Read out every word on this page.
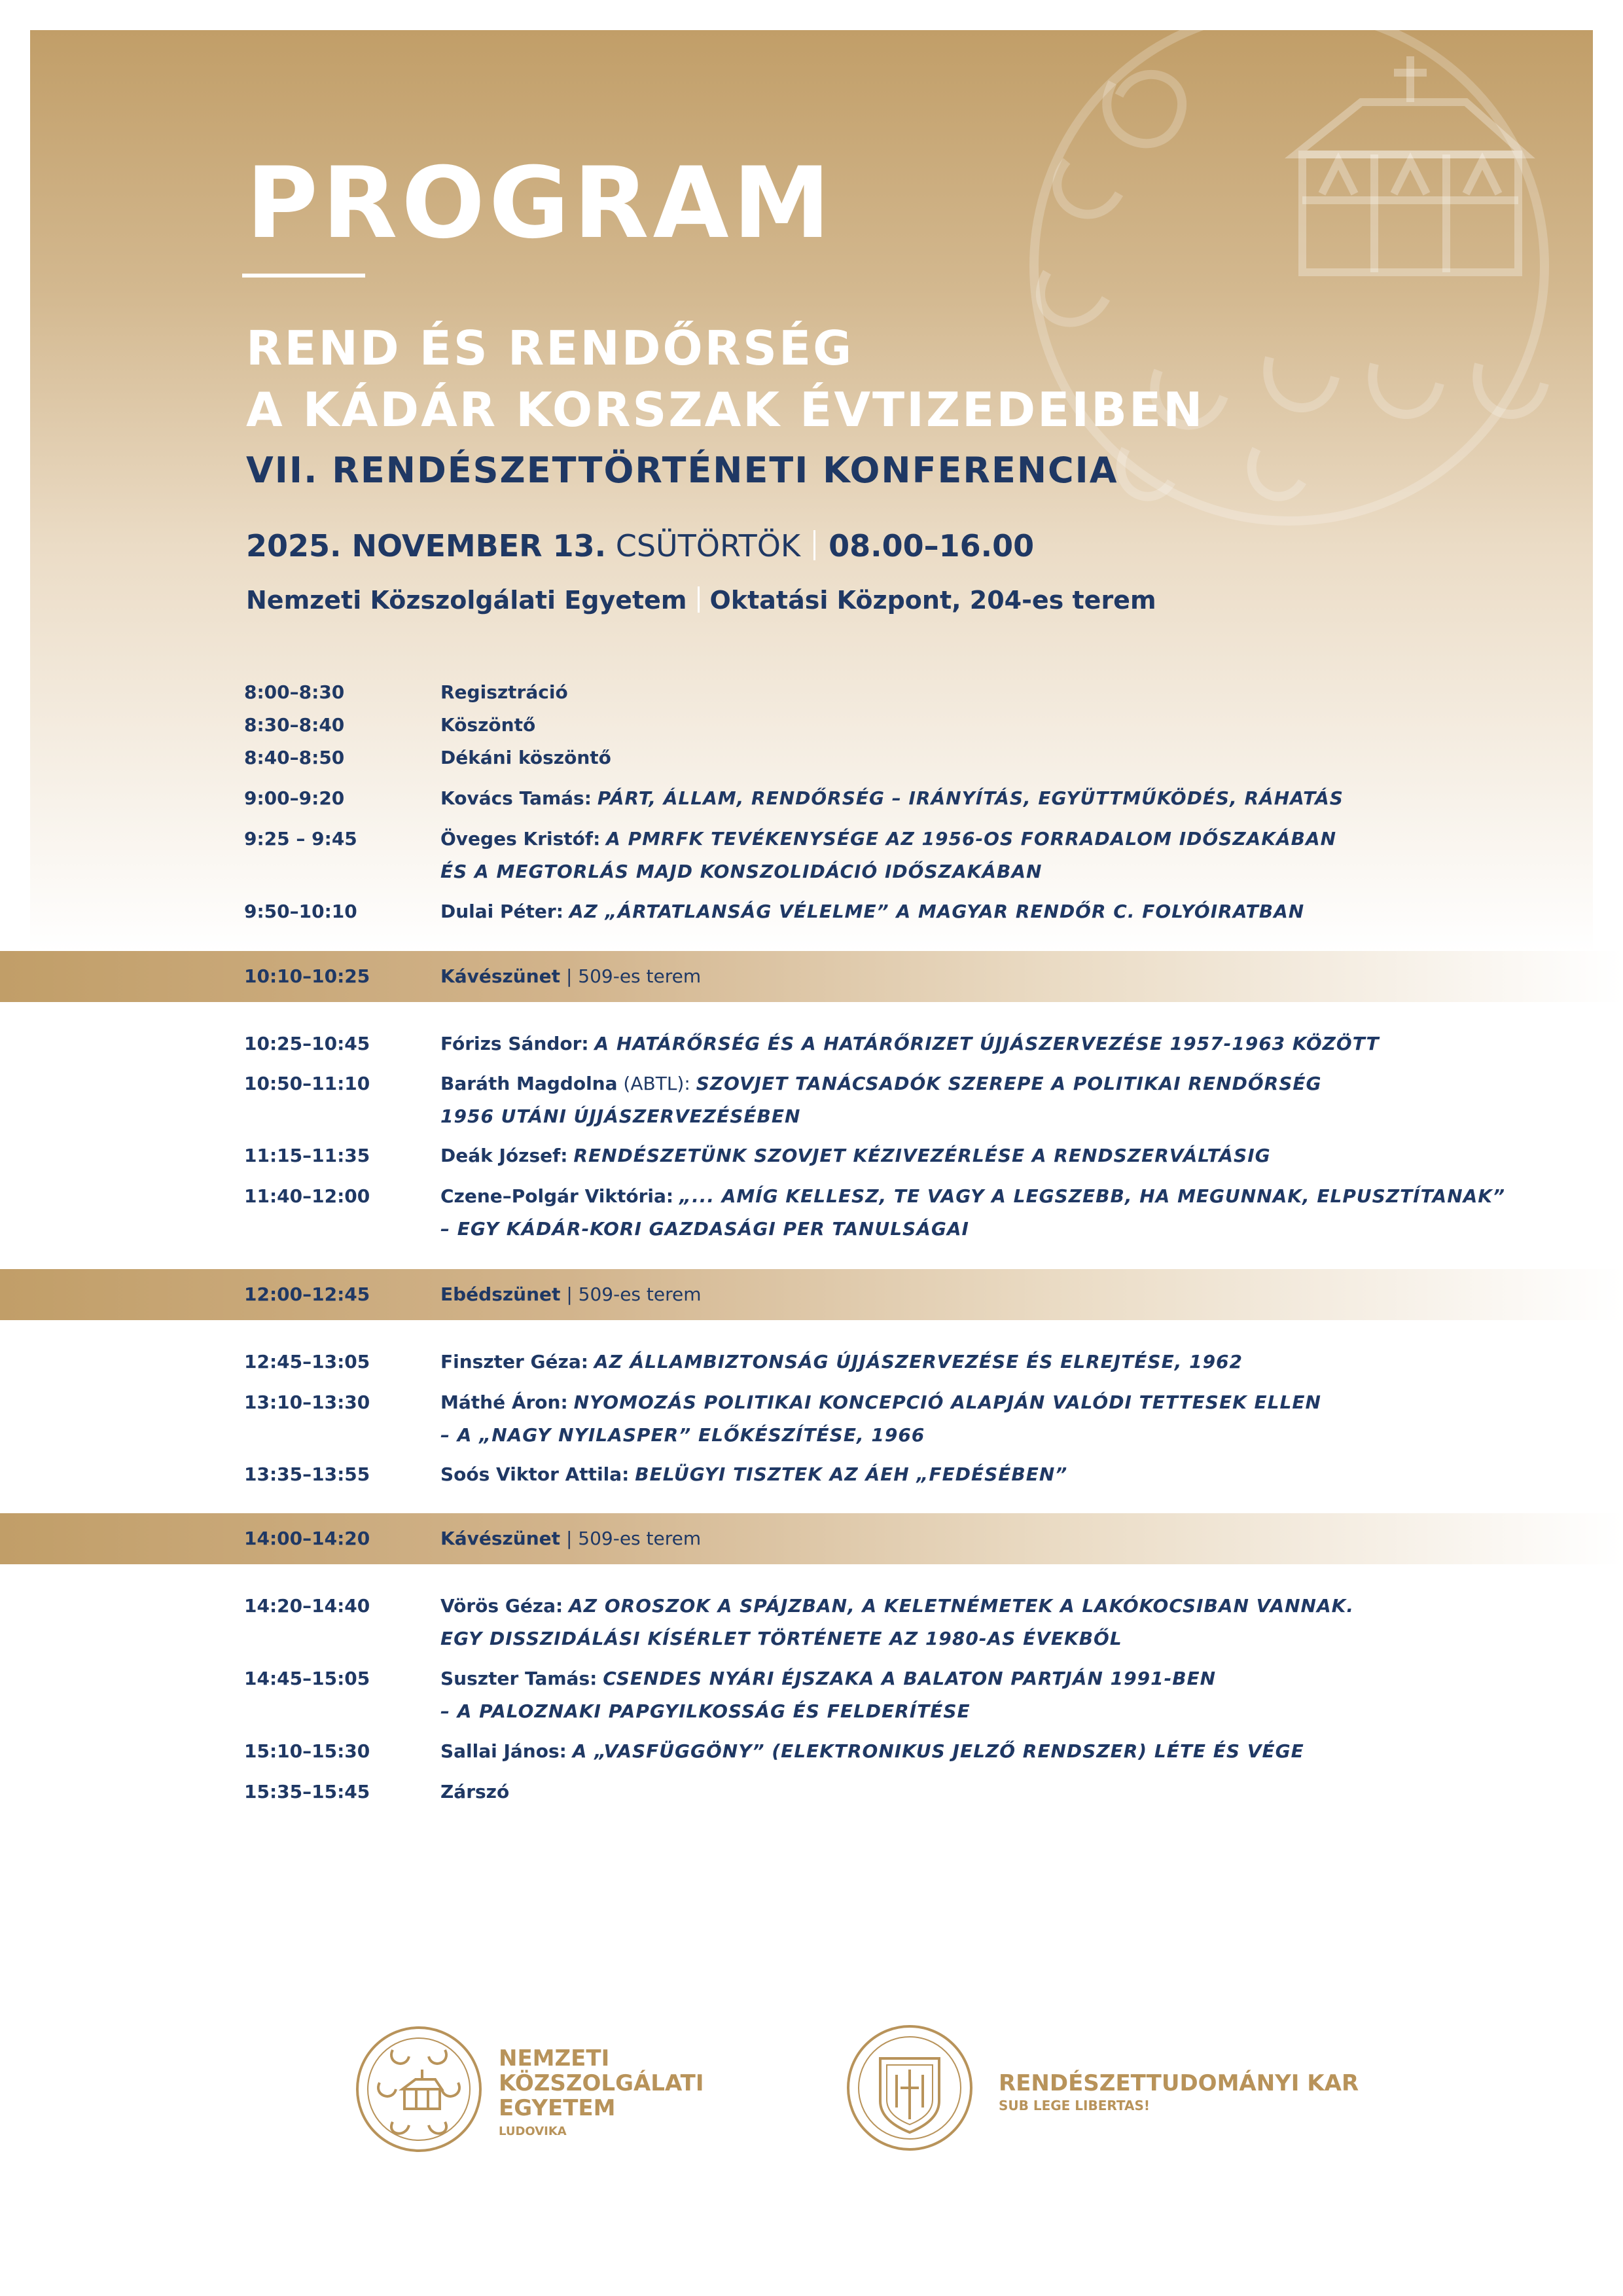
PROGRAM
REND ÉS RENDŐRSÉG
A KÁDÁR KORSZAK ÉVTIZEDEIBEN
VII. RENDÉSZETTÖRTÉNETI KONFERENCIA
2025. NOVEMBER 13. CSÜTÖRTÖK 08.00–16.00
Nemzeti Közszolgálati Egyetem Oktatási Központ, 204-es terem
8:00–8:30	Regisztráció
8:30–8:40	Köszöntő
8:40–8:50	Dékáni köszöntő
9:00–9:20	Kovács Tamás: PÁRT, ÁLLAM, RENDŐRSÉG – IRÁNYÍTÁS, EGYÜTTMŰKÖDÉS, RÁHATÁS
9:25 – 9:45	Öveges Kristóf: A PMRFK TEVÉKENYSÉGE AZ 1956-OS FORRADALOM IDŐSZAKÁBAN
ÉS A MEGTORLÁS MAJD KONSZOLIDÁCIÓ IDŐSZAKÁBAN
9:50–10:10	Dulai Péter: AZ „ÁRTATLANSÁG VÉLELME” A MAGYAR RENDŐR C. FOLYÓIRATBAN
10:10–10:25	Kávészünet | 509-es terem
10:25–10:45	Fórizs Sándor: A HATÁRŐRSÉG ÉS A HATÁRŐRIZET ÚJJÁSZERVEZÉSE 1957-1963 KÖZÖTT
10:50–11:10	Baráth Magdolna (ABTL): SZOVJET TANÁCSADÓK SZEREPE A POLITIKAI RENDŐRSÉG
1956 UTÁNI ÚJJÁSZERVEZÉSÉBEN
11:15–11:35	Deák József: RENDÉSZETÜNK SZOVJET KÉZIVEZÉRLÉSE A RENDSZERVÁLTÁSIG
11:40–12:00	Czene–Polgár Viktória: „... AMÍG KELLESZ, TE VAGY A LEGSZEBB, HA MEGUNNAK, ELPUSZTÍTANAK”
– EGY KÁDÁR-KORI GAZDASÁGI PER TANULSÁGAI
12:00–12:45	Ebédszünet | 509-es terem
12:45–13:05	Finszter Géza: AZ ÁLLAMBIZTONSÁG ÚJJÁSZERVEZÉSE ÉS ELREJTÉSE, 1962
13:10–13:30	Máthé Áron: NYOMOZÁS POLITIKAI KONCEPCIÓ ALAPJÁN VALÓDI TETTESEK ELLEN
– A „NAGY NYILASPER” ELŐKÉSZÍTÉSE, 1966
13:35–13:55	Soós Viktor Attila: BELÜGYI TISZTEK AZ ÁEH „FEDÉSÉBEN”
14:00–14:20	Kávészünet | 509-es terem
14:20–14:40	Vörös Géza: AZ OROSZOK A SPÁJZBAN, A KELETNÉMETEK A LAKÓKOCSIBAN VANNAK.
EGY DISSZIDÁLÁSI KÍSÉRLET TÖRTÉNETE AZ 1980-AS ÉVEKBŐL
14:45–15:05	Suszter Tamás: CSENDES NYÁRI ÉJSZAKA A BALATON PARTJÁN 1991-BEN
– A PALOZNAKI PAPGYILKOSSÁG ÉS FELDERÍTÉSE
15:10–15:30	Sallai János: A „VASFÜGGÖNY” (ELEKTRONIKUS JELZŐ RENDSZER) LÉTE ÉS VÉGE
15:35–15:45	Zárszó
NEMZETI
KÖZSZOLGÁLATI
EGYETEM
LUDOVIKA
RENDÉSZETTUDOMÁNYI KAR
SUB LEGE LIBERTAS!
